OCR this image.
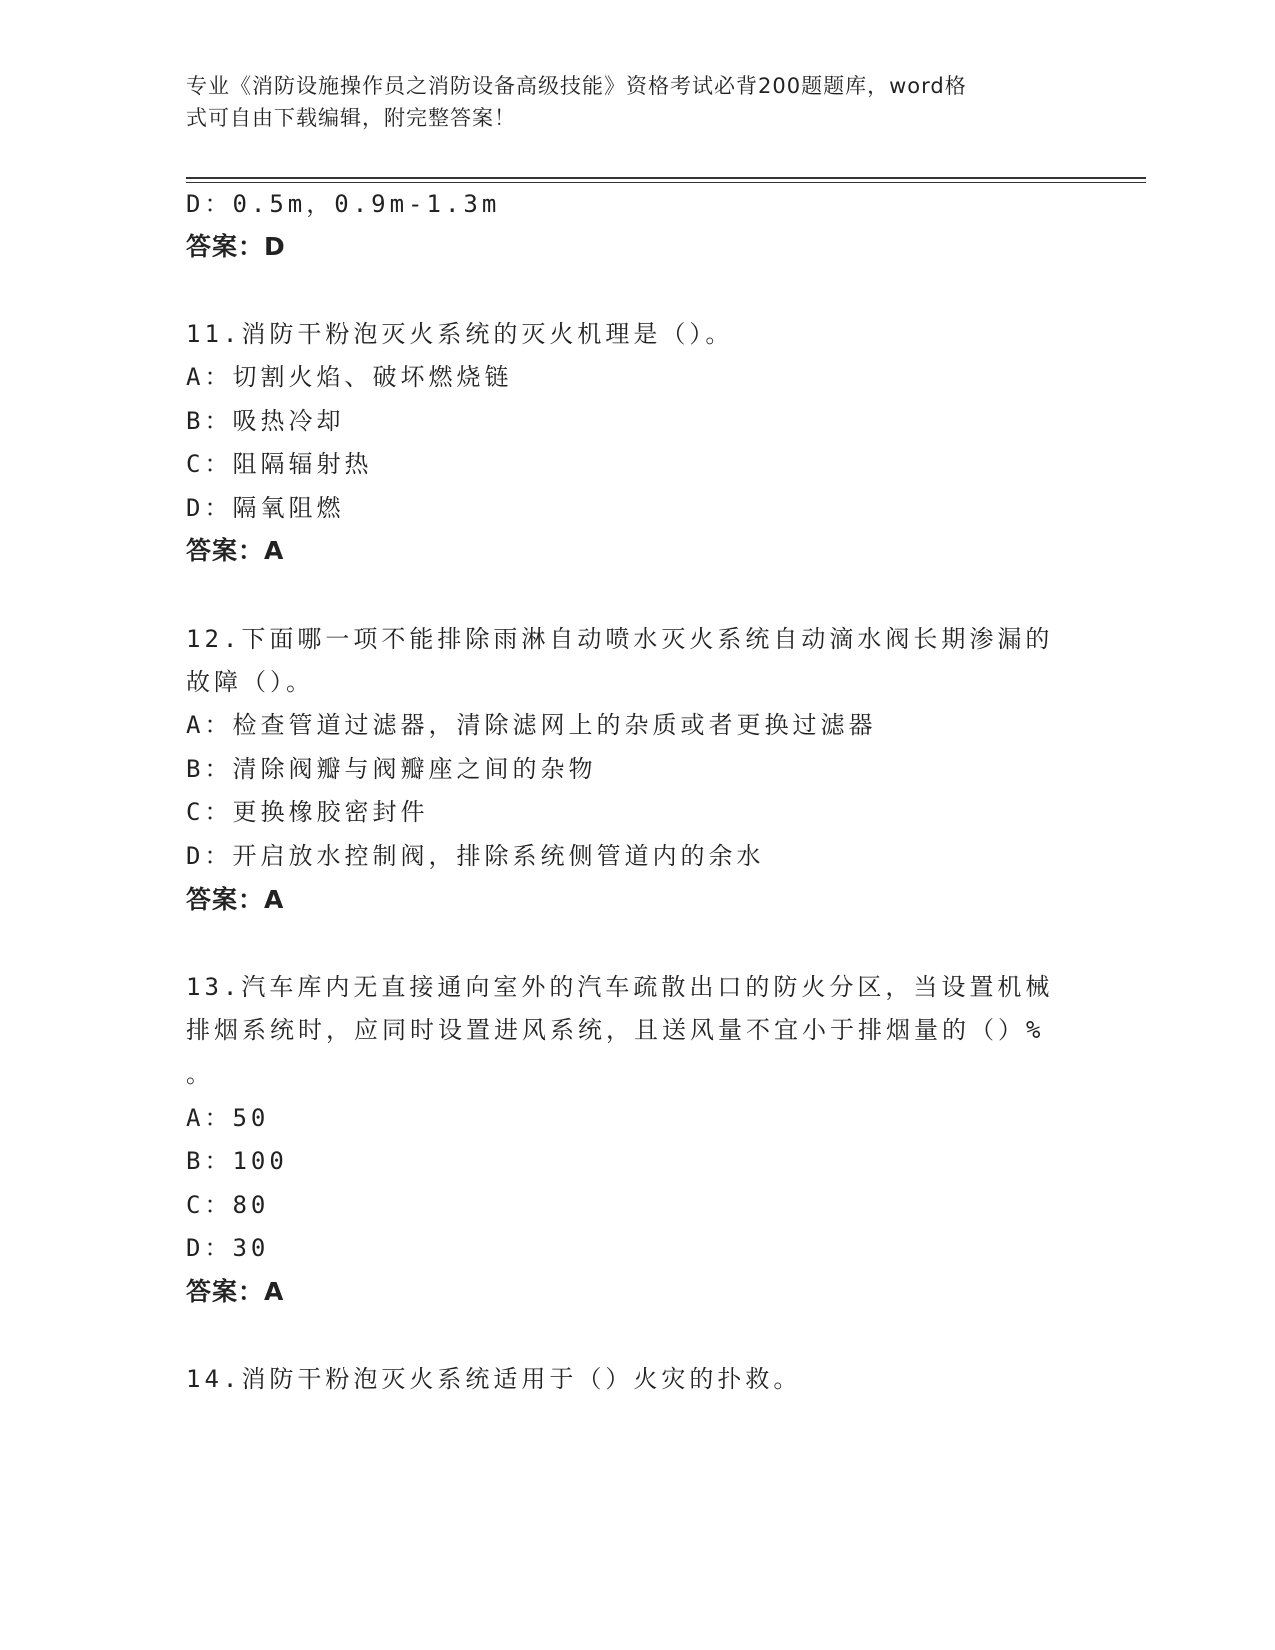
专业《消防设施操作员之消防设备高级技能》资格考试必背200题题库，word格
式可自由下载编辑，附完整答案！
D：0.5m，0.9m-1.3m
答案：D
11.消防干粉泡灭火系统的灭火机理是（）。
A：切割火焰、破坏燃烧链
B：吸热冷却
C：阻隔辐射热
D：隔氧阻燃
答案：A
12.下面哪一项不能排除雨淋自动喷水灭火系统自动滴水阀长期渗漏的
故障（）。
A：检查管道过滤器，清除滤网上的杂质或者更换过滤器
B：清除阀瓣与阀瓣座之间的杂物
C：更换橡胶密封件
D：开启放水控制阀，排除系统侧管道内的余水
答案：A
13.汽车库内无直接通向室外的汽车疏散出口的防火分区，当设置机械
排烟系统时，应同时设置进风系统，且送风量不宜小于排烟量的（）%
。
A：50
B：100
C：80
D：30
答案：A
14.消防干粉泡灭火系统适用于（）火灾的扑救。
